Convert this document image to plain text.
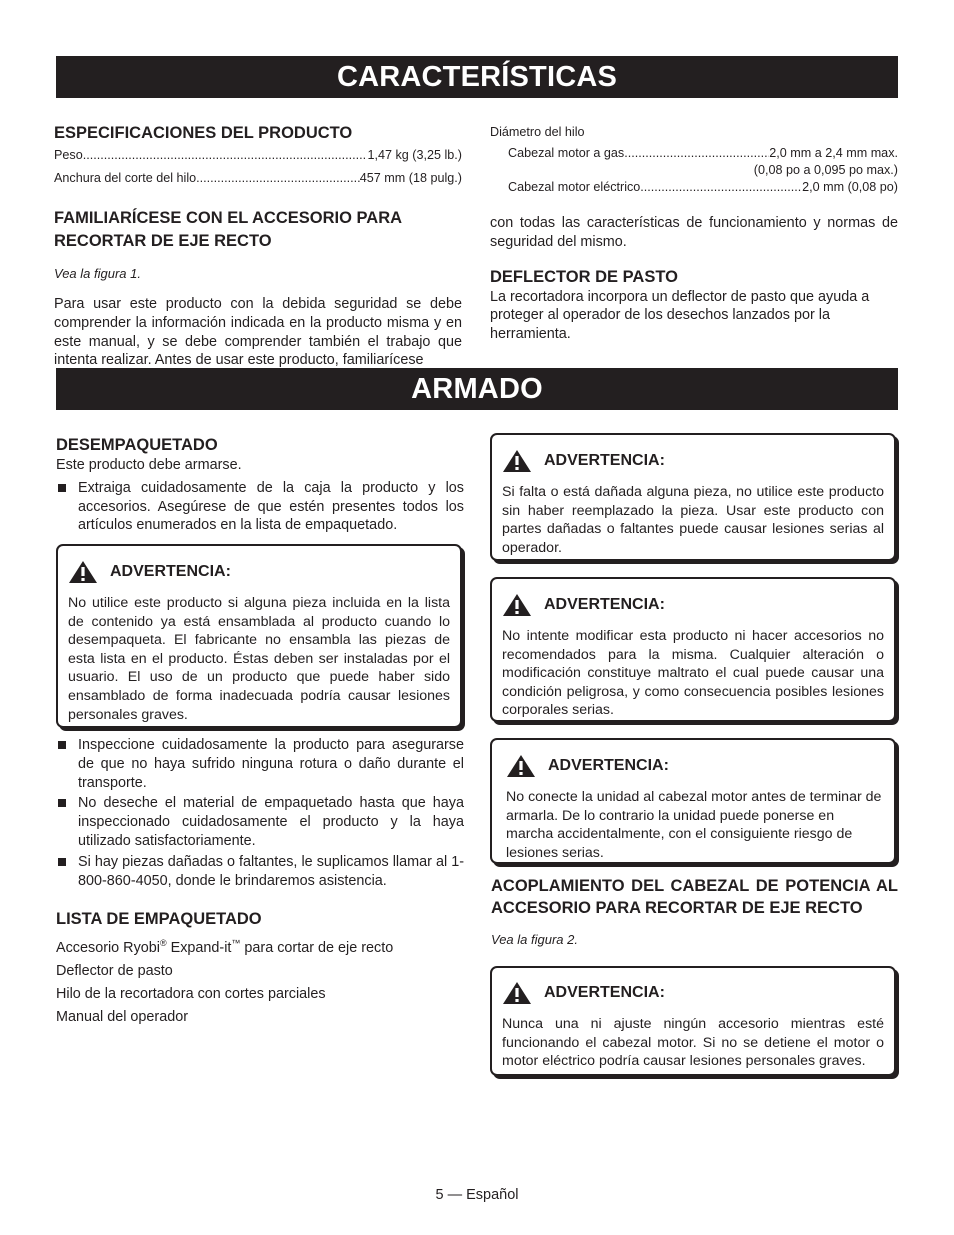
CARACTERÍSTICAS

ESPECIFICACIONES DEL PRODUCTO

Peso .....	1,47 kg (3,25 lb.)
Anchura del corte del hilo .....	457 mm (18 pulg.)

FAMILIARÍCESE CON EL ACCESORIO PARA RECORTAR DE EJE RECTO

Vea la figura 1.

Para usar este producto con la debida seguridad se debe comprender la información indicada en la producto misma y en este manual, y se debe comprender también el trabajo que intenta realizar. Antes de usar este producto, familiarícese

Diámetro del hilo

Cabezal motor a gas .....	2,0 mm a 2,4 mm max.
(0,08 po a 0,095 po max.)
Cabezal motor eléctrico .....	2,0 mm (0,08 po)

con todas las características de funcionamiento y normas de seguridad del mismo.

DEFLECTOR DE PASTO

La recortadora incorpora un deflector de pasto que ayuda a proteger al operador de los desechos lanzados por la herramienta.

ARMADO

DESEMPAQUETADO

Este producto debe armarse.

Extraiga cuidadosamente de la caja la producto y los accesorios. Asegúrese de que estén presentes todos los artículos enumerados en la lista de empaquetado.
ADVERTENCIA:

No utilice este producto si alguna pieza incluida en la lista de contenido ya está ensamblada al producto cuando lo desempaqueta. El fabricante no ensambla las piezas de esta lista en el producto. Éstas deben ser instaladas por el usuario. El uso de un producto que puede haber sido ensamblado de forma inadecuada podría causar lesiones personales graves.

Inspeccione cuidadosamente la producto para asegurarse de que no haya sufrido ninguna rotura o daño durante el transporte.
No deseche el material de empaquetado hasta que haya inspeccionado cuidadosamente el producto y la haya utilizado satisfactoriamente.
Si hay piezas dañadas o faltantes, le suplicamos llamar al 1-800-860-4050, donde le brindaremos asistencia.

LISTA DE EMPAQUETADO

Accesorio Ryobi® Expand-it™ para cortar de eje recto

Deflector de pasto

Hilo de la recortadora con cortes parciales

Manual del operador

ADVERTENCIA:

Si falta o está dañada alguna pieza, no utilice este producto sin haber reemplazado la pieza. Usar este producto con partes dañadas o faltantes puede causar lesiones serias al operador.

ADVERTENCIA:

No intente modificar esta producto ni hacer accesorios no recomendados para la misma. Cualquier alteración o modificación constituye maltrato el cual puede causar una condición peligrosa, y como consecuencia posibles lesiones corporales serias.

ADVERTENCIA:

No conecte la unidad al cabezal motor antes de terminar de armarla. De lo contrario la unidad puede ponerse en marcha accidentalmente, con el consiguiente riesgo de lesiones serias.

ACOPLAMIENTO DEL CABEZAL DE POTENCIA AL ACCESORIO PARA RECORTAR DE EJE RECTO

Vea la figura 2.

ADVERTENCIA:

Nunca una ni ajuste ningún accesorio mientras esté funcionando el cabezal motor. Si no se detiene el motor o motor eléctrico podría causar lesiones personales graves.

5 — Español
